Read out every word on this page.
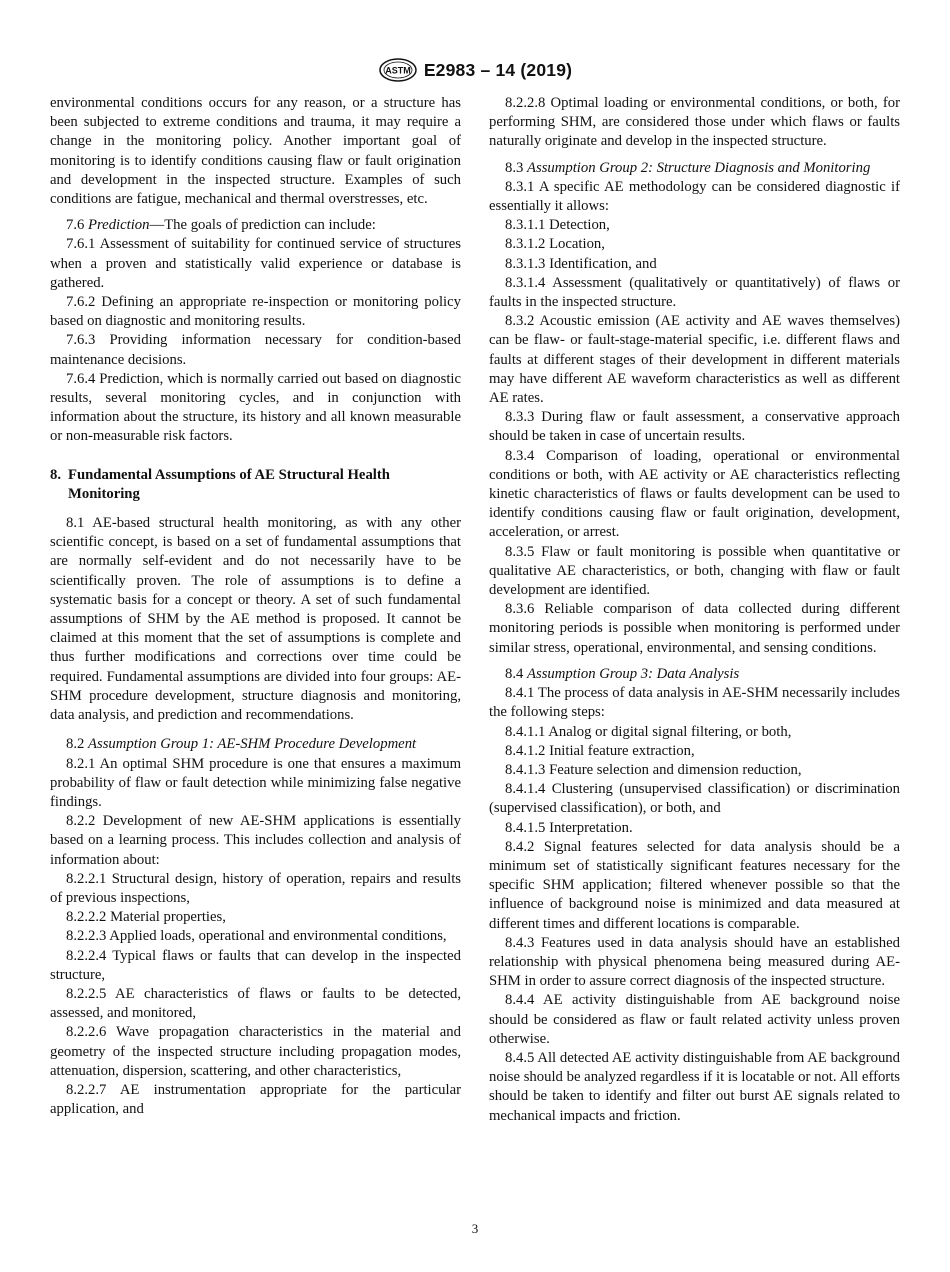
ASTM E2983 – 14 (2019)

environmental conditions occurs for any reason, or a structure has been subjected to extreme conditions and trauma, it may require a change in the monitoring policy. Another important goal of monitoring is to identify conditions causing flaw or fault origination and development in the inspected structure. Examples of such conditions are fatigue, mechanical and thermal overstresses, etc.

7.6 Prediction—The goals of prediction can include:

7.6.1 Assessment of suitability for continued service of structures when a proven and statistically valid experience or database is gathered.

7.6.2 Defining an appropriate re-inspection or monitoring policy based on diagnostic and monitoring results.

7.6.3 Providing information necessary for condition-based maintenance decisions.

7.6.4 Prediction, which is normally carried out based on diagnostic results, several monitoring cycles, and in conjunction with information about the structure, its history and all known measurable or non-measurable risk factors.

8. Fundamental Assumptions of AE Structural Health Monitoring

8.1 AE-based structural health monitoring, as with any other scientific concept, is based on a set of fundamental assumptions that are normally self-evident and do not necessarily have to be scientifically proven. The role of assumptions is to define a systematic basis for a concept or theory. A set of such fundamental assumptions of SHM by the AE method is proposed. It cannot be claimed at this moment that the set of assumptions is complete and thus further modifications and corrections over time could be required. Fundamental assumptions are divided into four groups: AE-SHM procedure development, structure diagnosis and monitoring, data analysis, and prediction and recommendations.

8.2 Assumption Group 1: AE-SHM Procedure Development

8.2.1 An optimal SHM procedure is one that ensures a maximum probability of flaw or fault detection while minimizing false negative findings.

8.2.2 Development of new AE-SHM applications is essentially based on a learning process. This includes collection and analysis of information about:

8.2.2.1 Structural design, history of operation, repairs and results of previous inspections,

8.2.2.2 Material properties,

8.2.2.3 Applied loads, operational and environmental conditions,

8.2.2.4 Typical flaws or faults that can develop in the inspected structure,

8.2.2.5 AE characteristics of flaws or faults to be detected, assessed, and monitored,

8.2.2.6 Wave propagation characteristics in the material and geometry of the inspected structure including propagation modes, attenuation, dispersion, scattering, and other characteristics,

8.2.2.7 AE instrumentation appropriate for the particular application, and

8.2.2.8 Optimal loading or environmental conditions, or both, for performing SHM, are considered those under which flaws or faults naturally originate and develop in the inspected structure.

8.3 Assumption Group 2: Structure Diagnosis and Monitoring

8.3.1 A specific AE methodology can be considered diagnostic if essentially it allows:

8.3.1.1 Detection,

8.3.1.2 Location,

8.3.1.3 Identification, and

8.3.1.4 Assessment (qualitatively or quantitatively) of flaws or faults in the inspected structure.

8.3.2 Acoustic emission (AE activity and AE waves themselves) can be flaw- or fault-stage-material specific, i.e. different flaws and faults at different stages of their development in different materials may have different AE waveform characteristics as well as different AE rates.

8.3.3 During flaw or fault assessment, a conservative approach should be taken in case of uncertain results.

8.3.4 Comparison of loading, operational or environmental conditions or both, with AE activity or AE characteristics reflecting kinetic characteristics of flaws or faults development can be used to identify conditions causing flaw or fault origination, development, acceleration, or arrest.

8.3.5 Flaw or fault monitoring is possible when quantitative or qualitative AE characteristics, or both, changing with flaw or fault development are identified.

8.3.6 Reliable comparison of data collected during different monitoring periods is possible when monitoring is performed under similar stress, operational, environmental, and sensing conditions.

8.4 Assumption Group 3: Data Analysis

8.4.1 The process of data analysis in AE-SHM necessarily includes the following steps:

8.4.1.1 Analog or digital signal filtering, or both,

8.4.1.2 Initial feature extraction,

8.4.1.3 Feature selection and dimension reduction,

8.4.1.4 Clustering (unsupervised classification) or discrimination (supervised classification), or both, and

8.4.1.5 Interpretation.

8.4.2 Signal features selected for data analysis should be a minimum set of statistically significant features necessary for the specific SHM application; filtered whenever possible so that the influence of background noise is minimized and data measured at different times and different locations is comparable.

8.4.3 Features used in data analysis should have an established relationship with physical phenomena being measured during AE-SHM in order to assure correct diagnosis of the inspected structure.

8.4.4 AE activity distinguishable from AE background noise should be considered as flaw or fault related activity unless proven otherwise.

8.4.5 All detected AE activity distinguishable from AE background noise should be analyzed regardless if it is locatable or not. All efforts should be taken to identify and filter out burst AE signals related to mechanical impacts and friction.

3
